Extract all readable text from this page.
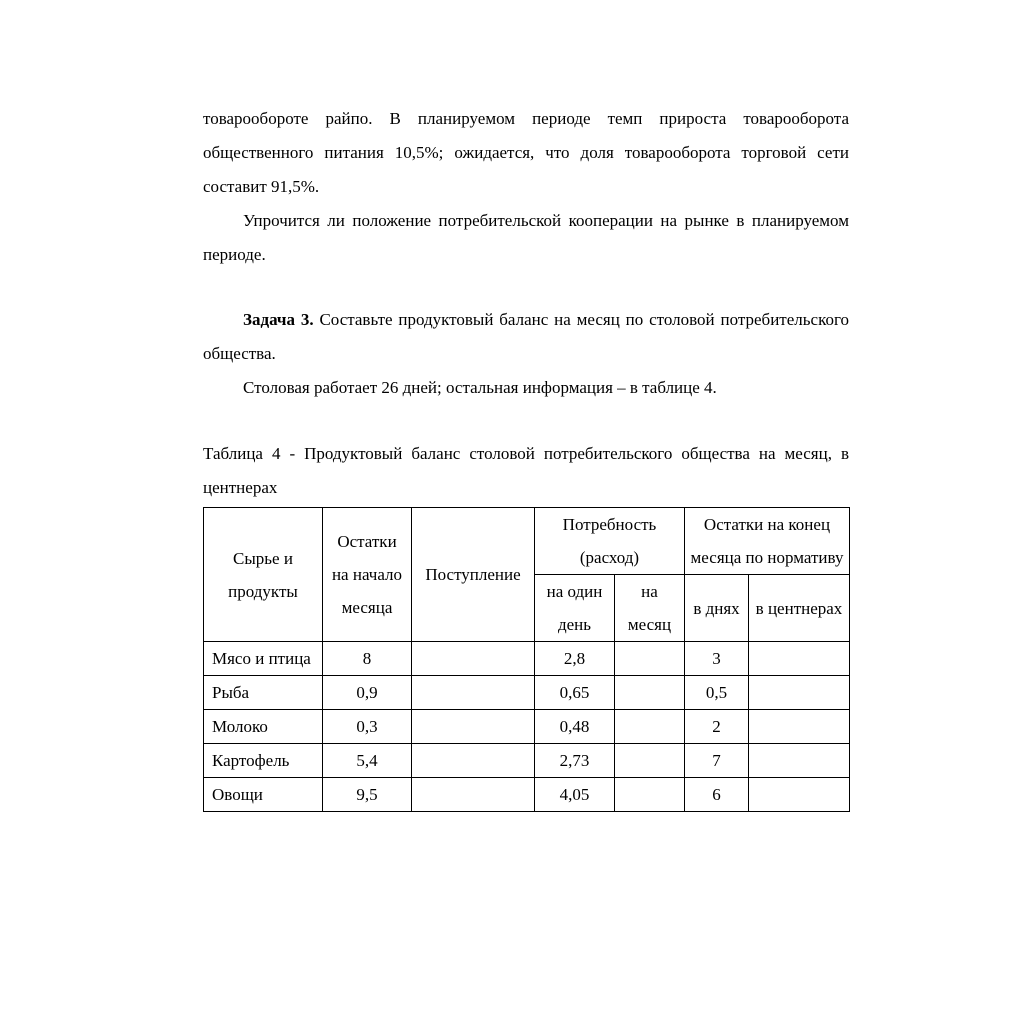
товарообороте райпо. В планируемом периоде темп прироста товарооборота общественного питания 10,5%; ожидается, что доля товарооборота торговой сети составит 91,5%.

Упрочится ли положение потребительской кооперации на рынке в планируемом периоде.

Задача 3. Составьте продуктовый баланс на месяц по столовой потребительского общества.

Столовая работает 26 дней; остальная информация – в таблице 4.

Таблица 4 - Продуктовый баланс столовой потребительского общества на месяц, в центнерах

Сырье и продукты	Остатки на начало месяца	Поступление	Потребность (расход)		Остатки на конец месяца по нормативу	
			на один день	на месяц	в днях	в центнерах
Мясо и птица	8		2,8		3	
Рыба	0,9		0,65		0,5	
Молоко	0,3		0,48		2	
Картофель	5,4		2,73		7	
Овощи	9,5		4,05		6	
